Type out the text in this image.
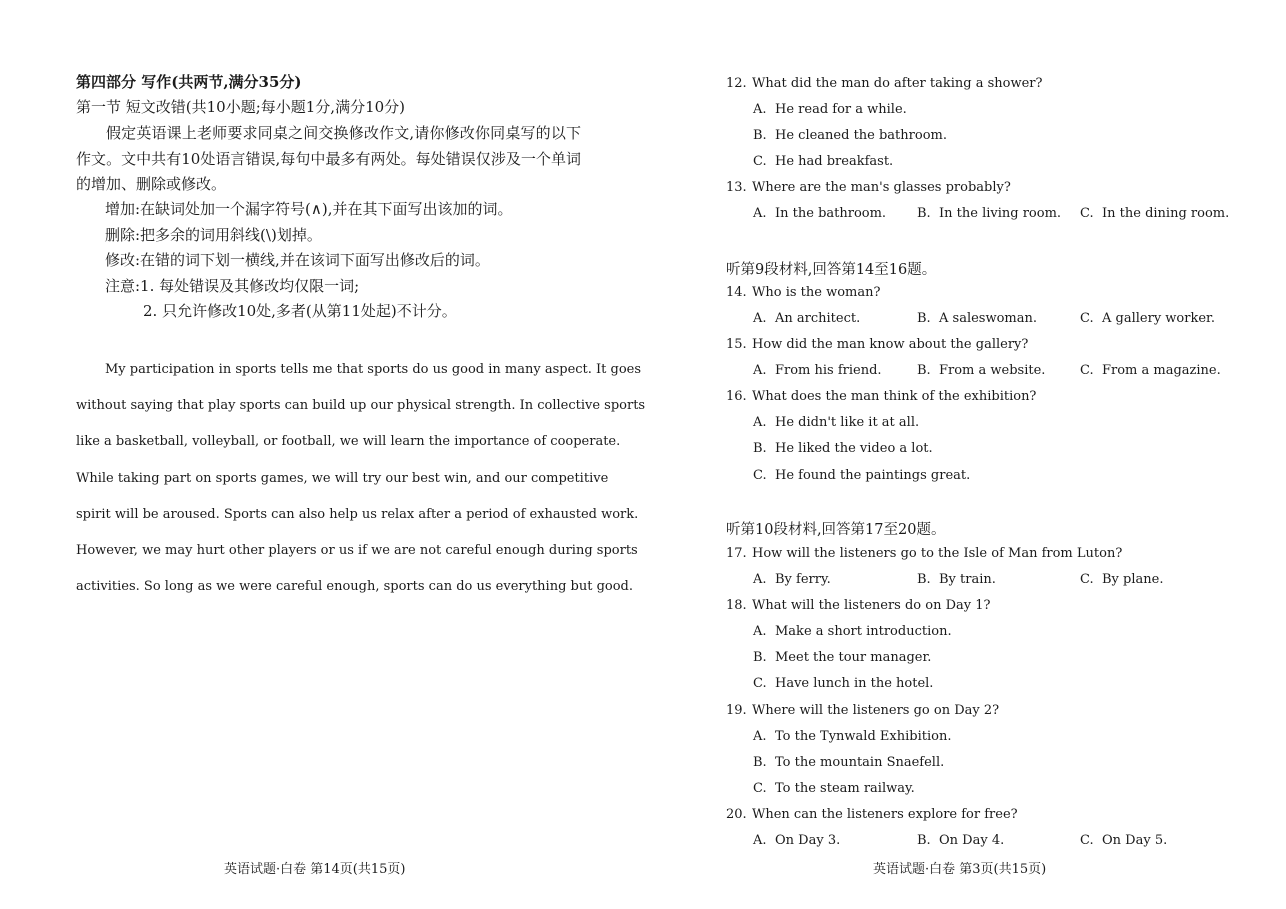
第四部分 写作(共两节,满分35分)
第一节 短文改错(共10小题;每小题1分,满分10分)

假定英语课上老师要求同桌之间交换修改作文,请你修改你同桌写的以下作文。文中共有10处语言错误,每句中最多有两处。每处错误仅涉及一个单词的增加、删除或修改。

增加:在缺词处加一个漏字符号(∧),并在其下面写出该加的词。
删除:把多余的词用斜线(\)划掉。
修改:在错的词下划一横线,并在该词下面写出修改后的词。
注意:1. 每处错误及其修改均仅限一词;
2. 只允许修改10处,多者(从第11处起)不计分。
My participation in sports tells me that sports do us good in many aspect. It goes
without saying that play sports can build up our physical strength. In collective sports
like a basketball, volleyball, or football, we will learn the importance of cooperate.
While taking part on sports games, we will try our best win, and our competitive
spirit will be aroused. Sports can also help us relax after a period of exhausted work.
However, we may hurt other players or us if we are not careful enough during sports
activities. So long as we were careful enough, sports can do us everything but good.
英语试题·白卷 第14页(共15页)
12. What did the man do after taking a shower?
A. He read for a while.
B. He cleaned the bathroom.
C. He had breakfast.
13. Where are the man's glasses probably?
A. In the bathroom. B. In the living room. C. In the dining room.
听第9段材料,回答第14至16题。
14. Who is the woman?
A. An architect.	B. A saleswoman.	C. A gallery worker.
15. How did the man know about the gallery?
A. From his friend.	B. From a website.	C. From a magazine.
16. What does the man think of the exhibition?
A. He didn't like it at all.
B. He liked the video a lot.
C. He found the paintings great.
听第10段材料,回答第17至20题。
17. How will the listeners go to the Isle of Man from Luton?
A. By ferry.	B. By train.	C. By plane.
18. What will the listeners do on Day 1?
A. Make a short introduction.
B. Meet the tour manager.
C. Have lunch in the hotel.
19. Where will the listeners go on Day 2?
A. To the Tynwald Exhibition.
B. To the mountain Snaefell.
C. To the steam railway.
20. When can the listeners explore for free?
A. On Day 3.	B. On Day 4.	C. On Day 5.
英语试题·白卷 第3页(共15页)
